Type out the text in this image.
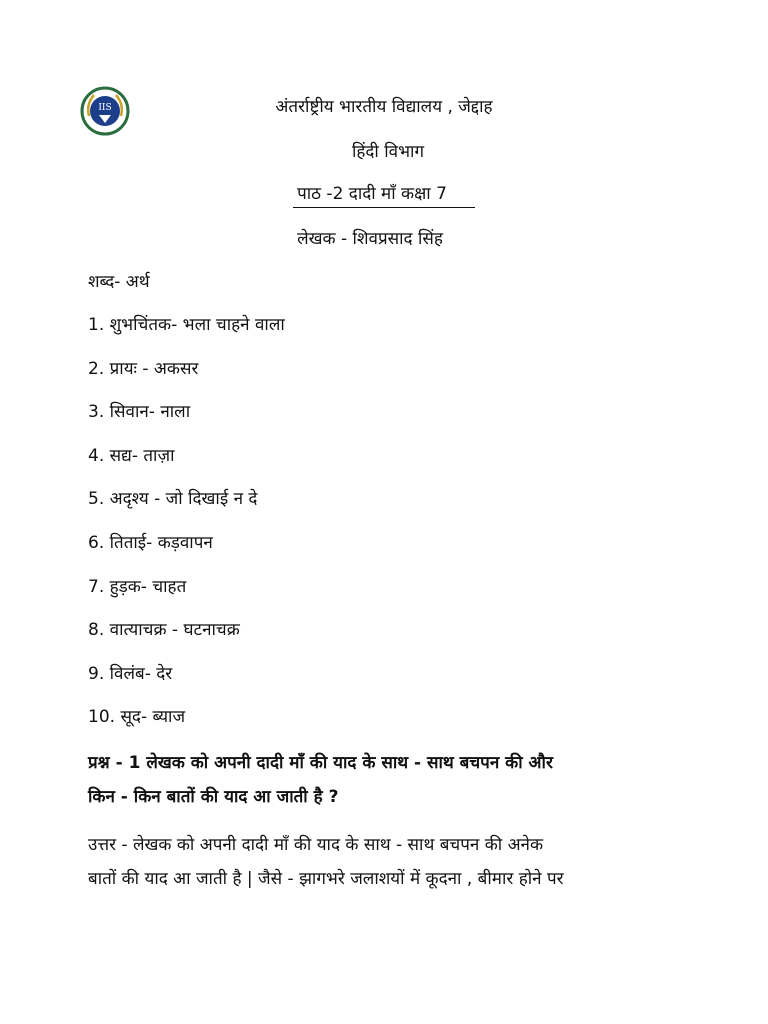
IIS	अंतर्राष्ट्रीय भारतीय विद्यालय , जेद्दाह
हिंदी विभाग
पाठ -2 दादी माँ कक्षा 7
लेखक - शिवप्रसाद सिंह
शब्द- अर्थ
1. शुभचिंतक- भला चाहने वाला
2. प्रायः - अकसर
3. सिवान- नाला
4. सद्य- ताज़ा
5. अदृश्य - जो दिखाई न दे
6. तिताई- कड़वापन
7. हुड़क- चाहत
8. वात्याचक्र - घटनाचक्र
9. विलंब- देर
10. सूद- ब्याज
प्रश्न - 1 लेखक को अपनी दादी माँ की याद के साथ - साथ बचपन की और
किन - किन बातों की याद आ जाती है ?
उत्तर - लेखक को अपनी दादी माँ की याद के साथ - साथ बचपन की अनेक
बातों की याद आ जाती है | जैसे - झागभरे जलाशयों में कूदना , बीमार होने पर
